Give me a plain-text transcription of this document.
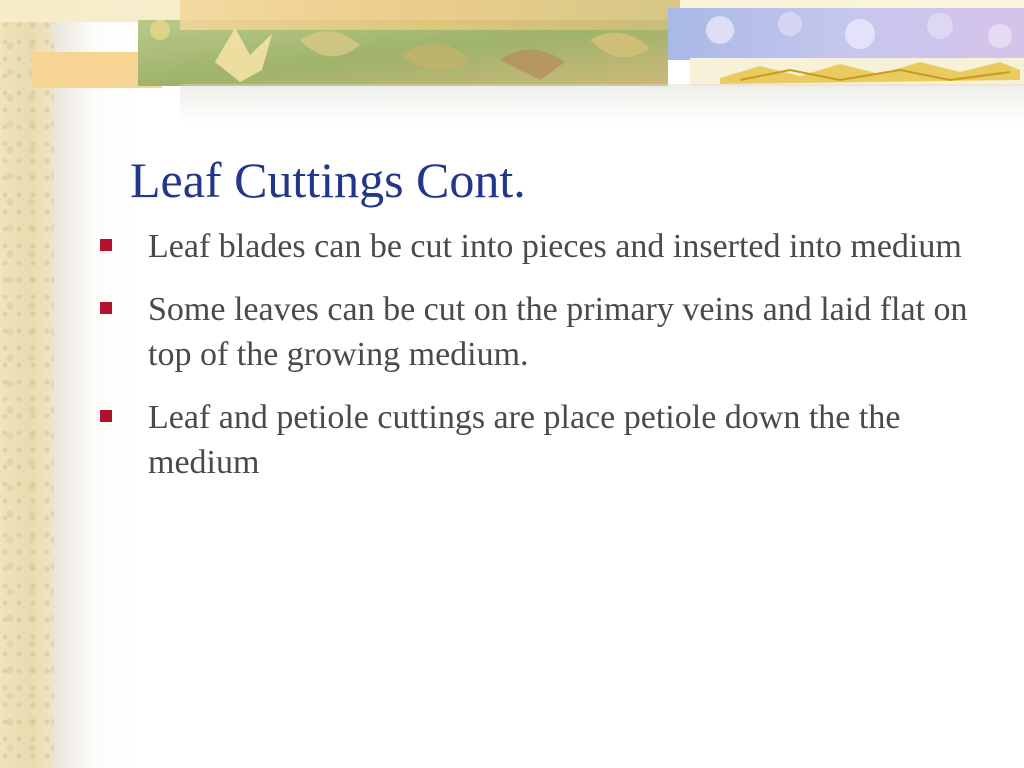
Leaf Cuttings Cont.
Leaf blades can be cut into pieces and inserted into medium
Some leaves can be cut on the primary veins and laid flat on top of the growing medium.
Leaf and petiole cuttings are place petiole down the the medium
